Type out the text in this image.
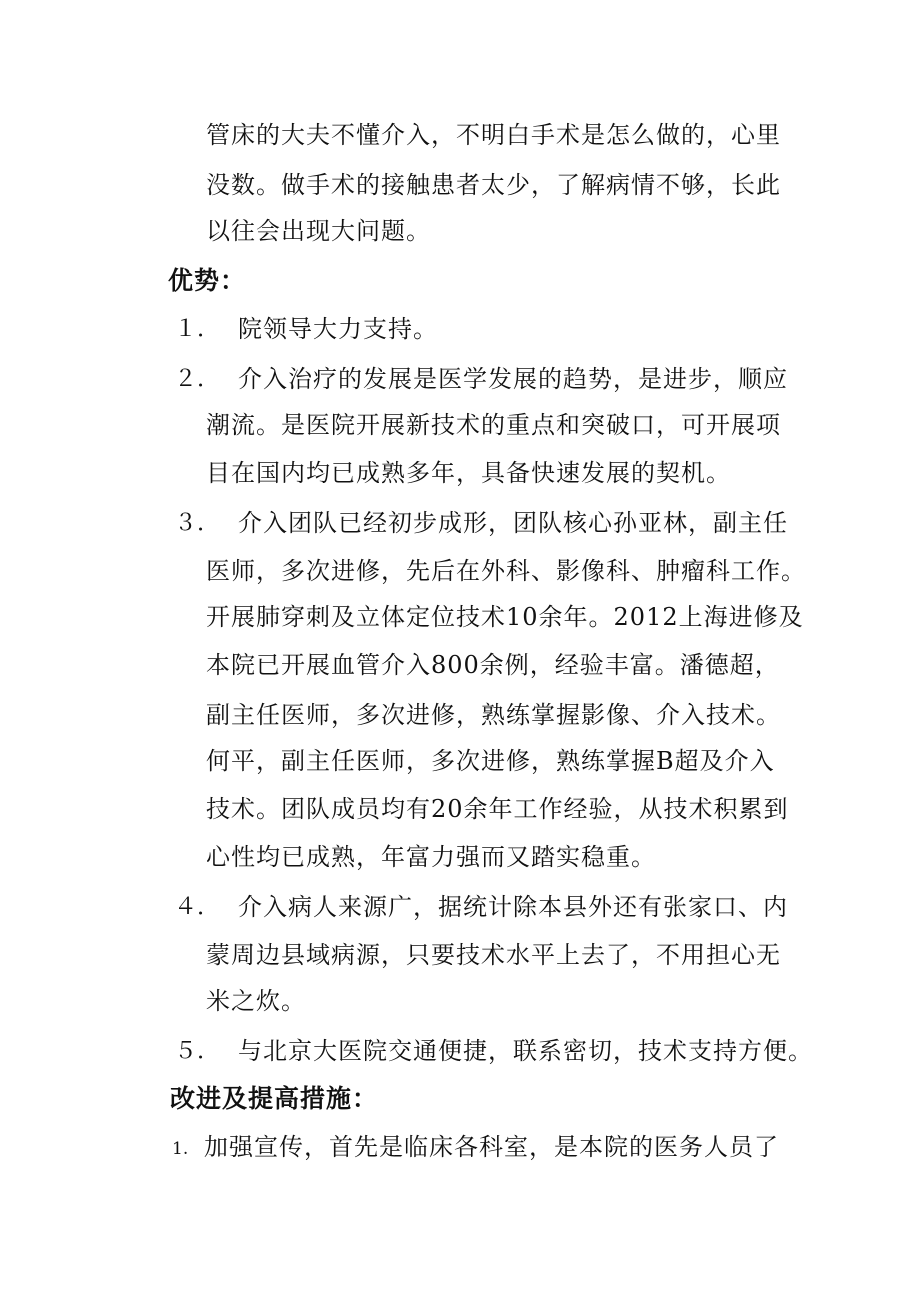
管床的大夫不懂介入，不明白手术是怎么做的，心里
没数。做手术的接触患者太少，了解病情不够，长此
以往会出现大问题。
优势：
１． 院领导大力支持。
２． 介入治疗的发展是医学发展的趋势，是进步，顺应
潮流。是医院开展新技术的重点和突破口，可开展项
目在国内均已成熟多年，具备快速发展的契机。
３． 介入团队已经初步成形，团队核心孙亚林，副主任
医师，多次进修，先后在外科、影像科、肿瘤科工作。
开展肺穿刺及立体定位技术10余年。2012上海进修及
本院已开展血管介入800余例，经验丰富。潘德超，
副主任医师，多次进修，熟练掌握影像、介入技术。
何平，副主任医师，多次进修，熟练掌握B超及介入
技术。团队成员均有20余年工作经验，从技术积累到
心性均已成熟，年富力强而又踏实稳重。
４． 介入病人来源广，据统计除本县外还有张家口、内
蒙周边县域病源，只要技术水平上去了，不用担心无
米之炊。
５． 与北京大医院交通便捷，联系密切，技术支持方便。
改进及提高措施：
1. 加强宣传，首先是临床各科室，是本院的医务人员了
